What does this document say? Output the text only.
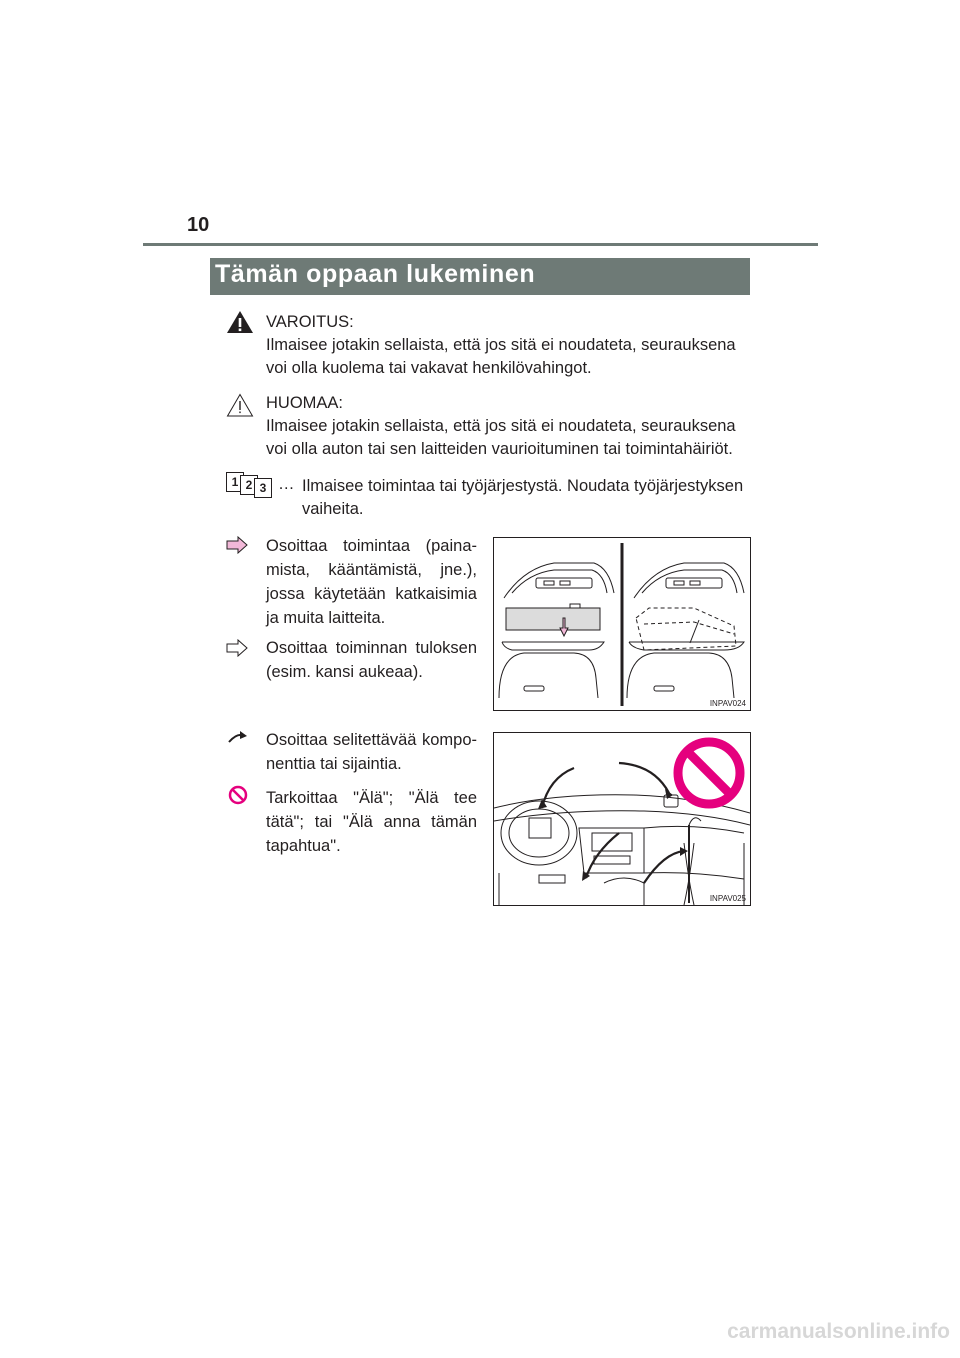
10
Tämän oppaan lukeminen
VAROITUS:
Ilmaisee jotakin sellaista, että jos sitä ei noudateta, seurauksena
voi olla kuolema tai vakavat henkilövahingot.
HUOMAA:
Ilmaisee jotakin sellaista, että jos sitä ei noudateta, seurauksena
voi olla auton tai sen laitteiden vaurioituminen tai toimintahäiriöt.
1 2 3 … Ilmaisee toimintaa tai työjärjestystä. Noudata työjärjestyksen
vaiheita.
Osoittaa toimintaa (paina-
mista, kääntämistä, jne.),
jossa käytetään katkaisimia
ja muita laitteita.
Osoittaa toiminnan tuloksen
(esim. kansi aukeaa).
INPAV024
Osoittaa selitettävää kompo-
nenttia tai sijaintia.
Tarkoittaa "Älä"; "Älä tee
tätä"; tai "Älä anna tämän
tapahtua".
INPAV025
carmanualsonline.info
